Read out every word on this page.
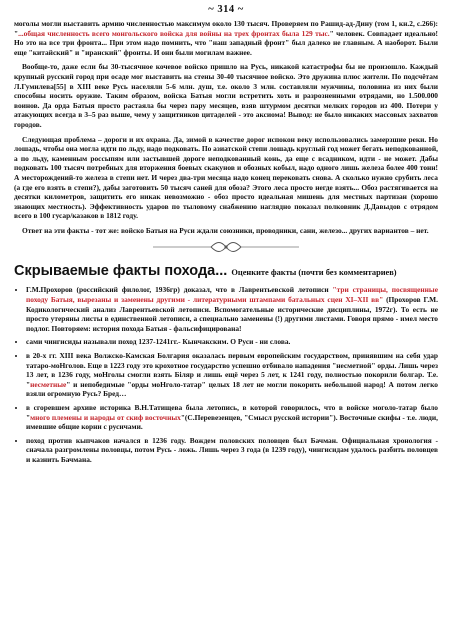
~ 314 ~

моголы могли выставить армию численностью максимум около 130 тысяч. Проверяем по Рашид-ад-Дину (том 1, кн.2, с.266): "...общая численность всего монгольского войска для войны на трех фронтах была 129 тыс." человек. Совпадает идеально! Но это на все три фронта... При этом надо помнить, что "наш западный фронт" был далеко не главным. А наоборот. Были еще "китайский" и "иранский" фронты. И они были могилам важнее.

Вообще-то, даже если бы 30-тысячное кочевое войско пришло на Русь, никакой катастрофы бы не произошло. Каждый крупный русский город при осаде мог выставить на стены 30-40 тысячное войско. Это дружина плюс жители. По подсчётам Л.Гумилева[55] в XIII веке Русь населяли 5-6 млн. душ, т.е. около 3 млн. составляли мужчины, половина из них были способны носить оружие. Таким образом, войска Батыя могли встретить хоть и разрозненными отрядами, но 1.500.000 воинов. Да орда Батыя просто растаяла бы через пару месяцев, взяв штурмом десятки мелких городов из 400. Потери у атакующих всегда в 3–5 раз выше, чему у защитников цитаделей - это аксиома! Вывод: не было никаких массовых захватов городов.

Следующая проблема – дороги и их охрана. Да, зимой в качестве дорог испокон веку использовались замерзшие реки. Но лошадь, чтобы она могла идти по льду, надо подковать. По азиатской степи лошадь круглый год может бегать неподкованной, а по льду, каменным россыпям или застывшей дороге неподкованный конь, да еще с всадником, идти - не может. Дабы подковать 100 тысяч потребных для вторжения боевых скакунов и обозных кобыл, надо одного лишь железа более 400 тонн! А месторождений-то железа в степи нет. И через два-три месяца надо конец перековать снова. А сколько нужно срубить леса (а где его взять в степи?), дабы заготовить 50 тысяч саней для обоза? Этого леса просто негде взять... Обоз растягивается на десятки километров, защитить его никак невозможно - обоз просто идеальная мишень для местных партизан (хорошо знающих местность). Эффективность ударов по тыловому снабжению наглядно показал полковник Д.Давыдов с отрядом всего в 100 гусар/казаков в 1812 году.

Ответ на эти факты - тот же: войско Батыя на Руси ждали союзники, проводники, сани, железо... других вариантов – нет.

Скрываемые факты похода... Оценките факты (почти без комментариев)
• Г.М.Прохоров (российский филолог, 1936гр) доказал, что в Лаврентьевской летописи "три страницы, посвященные походу Батыя, вырезаны и заменены другими - литературными штампами батальных сцен XI–XII вв" (Прохоров Г.М. Кодикологический анализ Лаврентьевской летописи. Вспомогательные исторические дисциплины, 1972г). То есть не просто утеряны листы в единственной летописи, а специально заменены (!) другими листами. Говоря прямо - имел место подлог. Повторяем: история похода Батыя - фальсифицирована!
• сами чингисиды называли поход 1237-1241гг.- Кынчакским. О Руси - ни слова.
• в 20-х гг. XIII века Волжско-Камская Болгария оказалась первым европейским государством, принявшим на себя удар татаро-моНголов. Еще в 1223 году это крохотное государство успешно отбивало нападения "несметной" орды. Лишь через 13 лет, в 1236 году, моНголы смогли взять Біляр и лишь ещё через 5 лет, к 1241 году, полностью покорили болгар. Т.е. "несметные" и непобедимые "орды моНголо-татар" целых 18 лет не могли покорить небольшой народ! А потом легко взяли огромную Русь? Бред…
• в сгоревшем архиве историка В.Н.Татищева была летопись, в которой говорилось, что в войске моголо-татар было "много племены и народы от скиф восточных"(С.Перевезенцев, "Смысл русской истории"). Восточные скифы - т.е. люди, имевшие общие корни с русичами.
• поход против кыпчаков начался в 1236 году. Вождем половских половцев был Бачман. Официальная хронология - сначала разгромлены половцы, потом Русь - ложь. Лишь через 3 года (в 1239 году), чингисидам удалось разбить половцев и казнить Бачмана.
